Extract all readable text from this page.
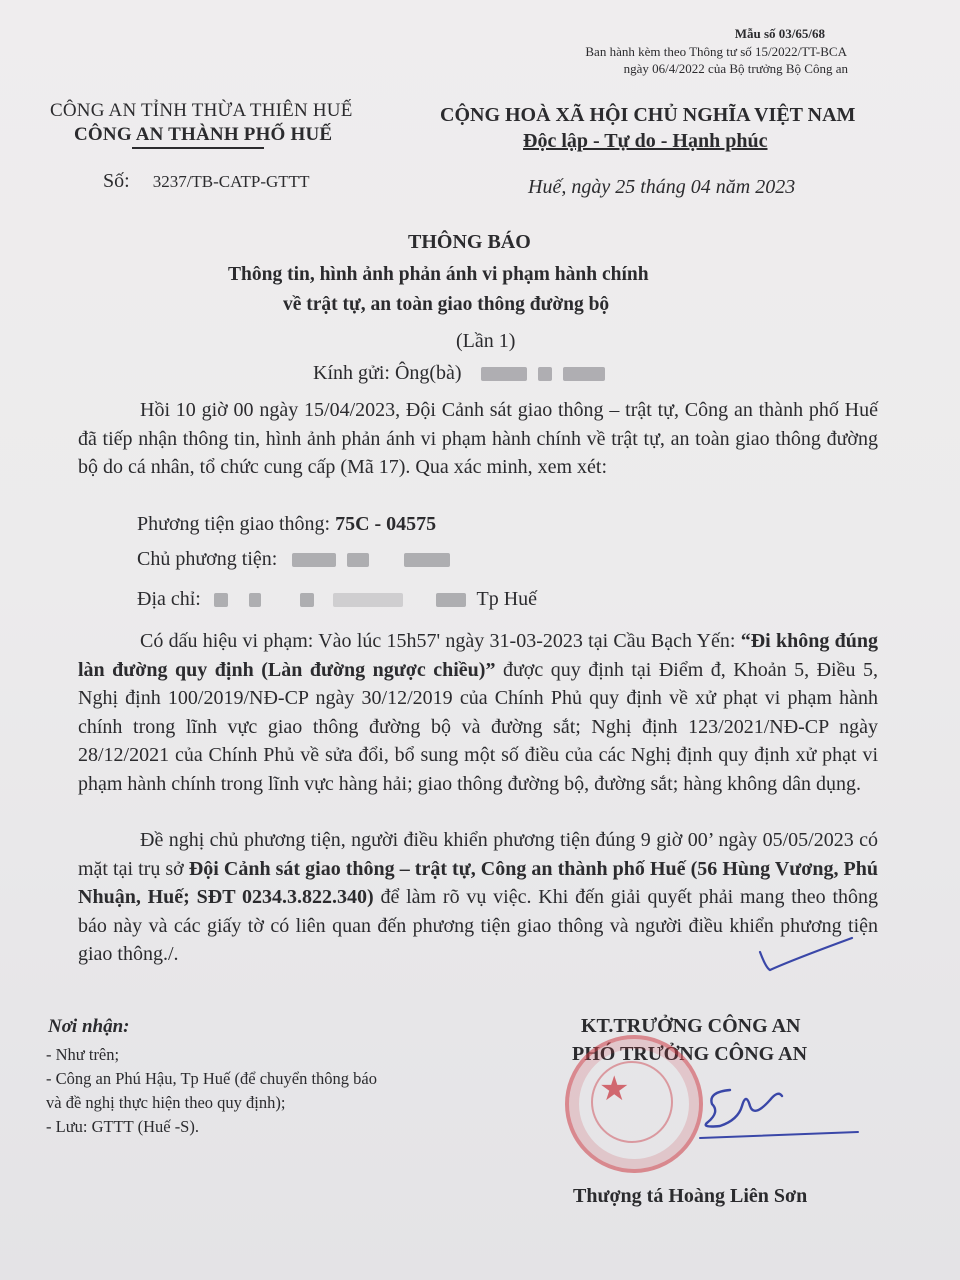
Mẫu số 03/65/68
Ban hành kèm theo Thông tư số 15/2022/TT-BCA
ngày 06/4/2022 của Bộ trưởng Bộ Công an
CÔNG AN TỈNH THỪA THIÊN HUẾ
CÔNG AN THÀNH PHỐ HUẾ
CỘNG HOÀ XÃ HỘI CHỦ NGHĨA VIỆT NAM
Độc lập - Tự do - Hạnh phúc
Số: 3237/TB-CATP-GTTT	Huế, ngày 25 tháng 04 năm 2023
THÔNG BÁO
Thông tin, hình ảnh phản ánh vi phạm hành chính
về trật tự, an toàn giao thông đường bộ
(Lần 1)
Kính gửi: Ông(bà)
Hồi 10 giờ 00 ngày 15/04/2023, Đội Cảnh sát giao thông – trật tự, Công an thành phố Huế đã tiếp nhận thông tin, hình ảnh phản ánh vi phạm hành chính về trật tự, an toàn giao thông đường bộ do cá nhân, tổ chức cung cấp (Mã 17). Qua xác minh, xem xét:
Phương tiện giao thông: 75C - 04575
Chủ phương tiện:
Địa chỉ:	Tp Huế
Có dấu hiệu vi phạm: Vào lúc 15h57' ngày 31-03-2023 tại Cầu Bạch Yến: “Đi không đúng làn đường quy định (Làn đường ngược chiều)” được quy định tại Điểm đ, Khoản 5, Điều 5, Nghị định 100/2019/NĐ-CP ngày 30/12/2019 của Chính Phủ quy định về xử phạt vi phạm hành chính trong lĩnh vực giao thông đường bộ và đường sắt; Nghị định 123/2021/NĐ-CP ngày 28/12/2021 của Chính Phủ về sửa đổi, bổ sung một số điều của các Nghị định quy định xử phạt vi phạm hành chính trong lĩnh vực hàng hải; giao thông đường bộ, đường sắt; hàng không dân dụng.
Đề nghị chủ phương tiện, người điều khiển phương tiện đúng 9 giờ 00’ ngày 05/05/2023 có mặt tại trụ sở Đội Cảnh sát giao thông – trật tự, Công an thành phố Huế (56 Hùng Vương, Phú Nhuận, Huế; SĐT 0234.3.822.340) để làm rõ vụ việc. Khi đến giải quyết phải mang theo thông báo này và các giấy tờ có liên quan đến phương tiện giao thông và người điều khiển phương tiện giao thông./.
Nơi nhận:
- Như trên;
- Công an Phú Hậu, Tp Huế (để chuyển thông báo
và đề nghị thực hiện theo quy định);
- Lưu: GTTT (Huế -S).
KT.TRƯỞNG CÔNG AN
PHÓ TRƯỞNG CÔNG AN
★
Thượng tá Hoàng Liên Sơn
